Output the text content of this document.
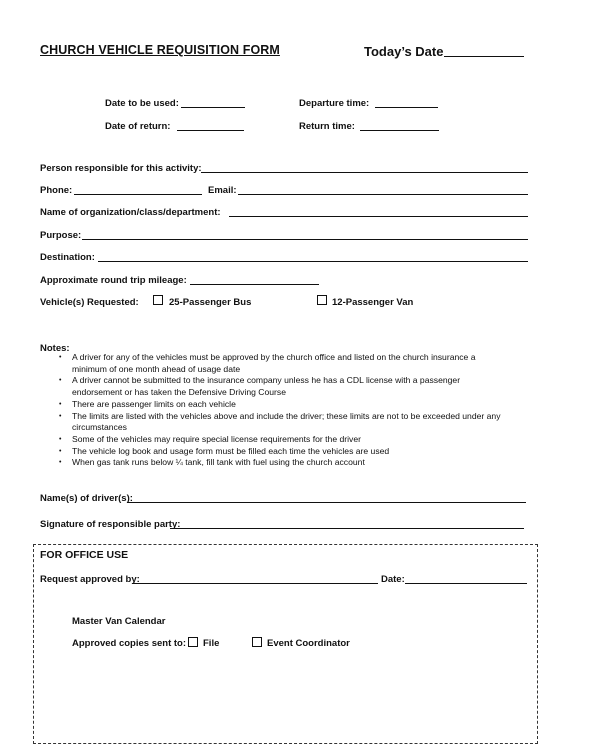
CHURCH VEHICLE REQUISITION FORM	Today’s Date
Date to be used:	Departure time:
Date of return:	Return time:
Person responsible for this activity:
Phone:	Email:
Name of organization/class/department:
Purpose:
Destination:
Approximate round trip mileage:
Vehicle(s) Requested:	25-Passenger Bus	12-Passenger Van
Notes:
• A driver for any of the vehicles must be approved by the church office and listed on the church insurance a
minimum of one month ahead of usage date
• A driver cannot be submitted to the insurance company unless he has a CDL license with a passenger
endorsement or has taken the Defensive Driving Course
• There are passenger limits on each vehicle
• The limits are listed with the vehicles above and include the driver; these limits are not to be exceeded under any
circumstances
• Some of the vehicles may require special license requirements for the driver
• The vehicle log book and usage form must be filled each time the vehicles are used
• When gas tank runs below ¼ tank, fill tank with fuel using the church account
Name(s) of driver(s):
Signature of responsible party:
FOR OFFICE USE
Request approved by:	Date:
Master Van Calendar
Approved copies sent to: File	Event Coordinator
